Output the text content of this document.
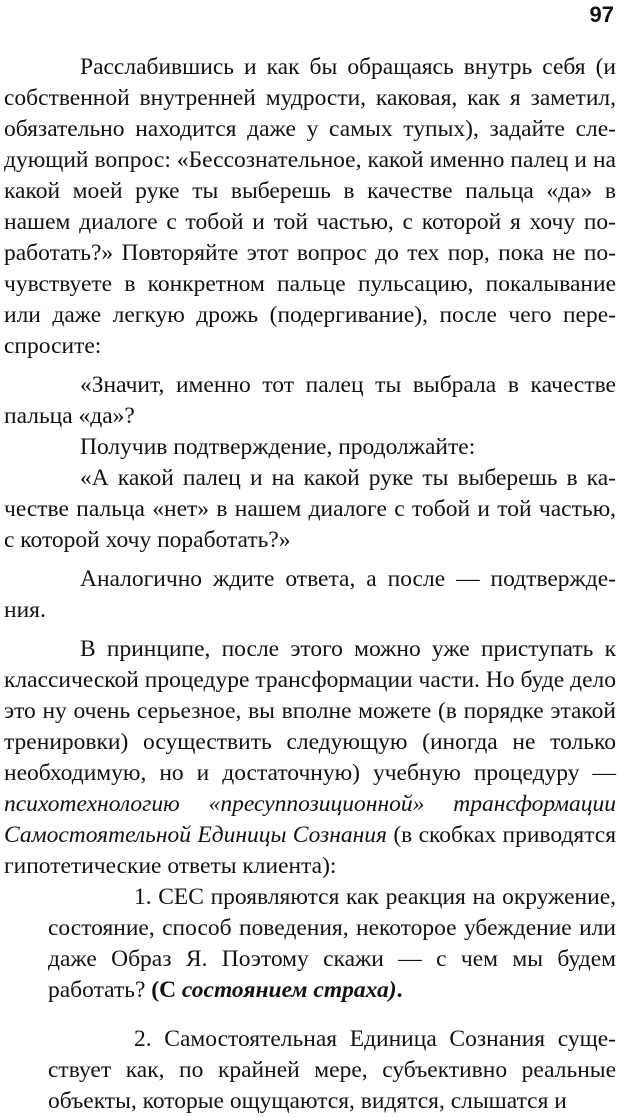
97

Расслабившись и как бы обращаясь внутрь себя (и собственной внутренней мудрости, каковая, как я заметил, обязательно находится даже у самых тупых), задайте следующий вопрос: «Бессознательное, какой именно палец и на какой моей руке ты выберешь в качестве пальца «да» в нашем диалоге с тобой и той частью, с которой я хочу поработать?» Повторяйте этот вопрос до тех пор, пока не почувствуете в конкретном пальце пульсацию, покалывание или даже легкую дрожь (подергивание), после чего переспросите:

«Значит, именно тот палец ты выбрала в качестве пальца «да»?

Получив подтверждение, продолжайте:

«А какой палец и на какой руке ты выберешь в качестве пальца «нет» в нашем диалоге с тобой и той частью, с которой хочу поработать?»

Аналогично ждите ответа, а после — подтверждения.

В принципе, после этого можно уже приступать к классической процедуре трансформации части. Но буде дело это ну очень серьезное, вы вполне можете (в порядке этакой тренировки) осуществить следующую (иногда не только необходимую, но и достаточную) учебную процедуру — психотехнологию «пресуппозиционной» трансформации Самостоятельной Единицы Сознания (в скобках приводятся гипотетические ответы клиента):

1. СЕС проявляются как реакция на окружение, состояние, способ поведения, некоторое убеждение или даже Образ Я. Поэтому скажи — с чем мы будем работать? (С состоянием страха).

2. Самостоятельная Единица Сознания существует как, по крайней мере, субъективно реальные объекты, которые ощущаются, видятся, слышатся и
